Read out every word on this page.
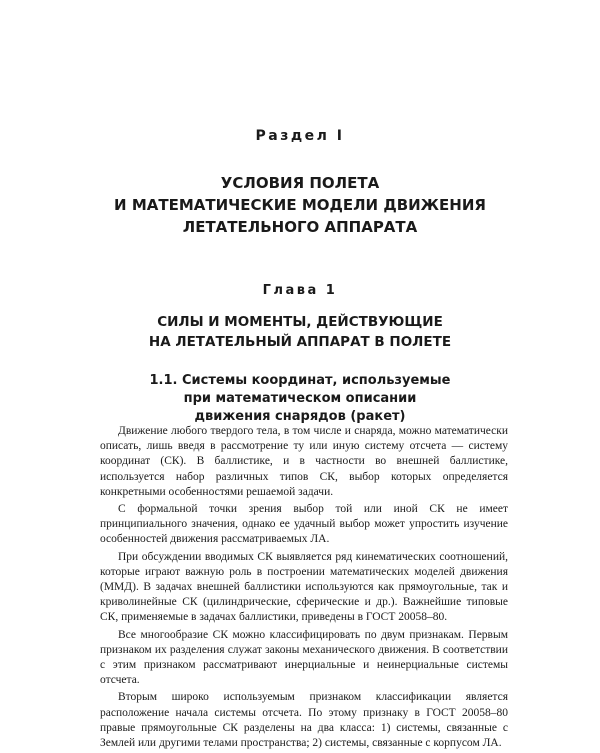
Раздел I
УСЛОВИЯ ПОЛЕТА
И МАТЕМАТИЧЕСКИЕ МОДЕЛИ ДВИЖЕНИЯ
ЛЕТАТЕЛЬНОГО АППАРАТА
Глава 1
СИЛЫ И МОМЕНТЫ, ДЕЙСТВУЮЩИЕ
НА ЛЕТАТЕЛЬНЫЙ АППАРАТ В ПОЛЕТЕ
1.1. Системы координат, используемые
при математическом описании
движения снарядов (ракет)

Движение любого твердого тела, в том числе и снаряда, можно математически описать, лишь введя в рассмотрение ту или иную систему отсчета — систему координат (СК). В баллистике, и в частности во внешней баллистике, используется набор различных типов СК, выбор которых определяется конкретными особенностями решаемой задачи.

С формальной точки зрения выбор той или иной СК не имеет принципиального значения, однако ее удачный выбор может упростить изучение особенностей движения рассматриваемых ЛА.

При обсуждении вводимых СК выявляется ряд кинематических соотношений, которые играют важную роль в построении математических моделей движения (ММД). В задачах внешней баллистики используются как прямоугольные, так и криволинейные СК (цилиндрические, сферические и др.). Важнейшие типовые СК, применяемые в задачах баллистики, приведены в ГОСТ 20058–80.

Все многообразие СК можно классифицировать по двум признакам. Первым признаком их разделения служат законы механического движения. В соответствии с этим признаком рассматривают инерциальные и неинерциальные системы отсчета.

Вторым широко используемым признаком классификации является расположение начала системы отсчета. По этому признаку в ГОСТ 20058–80 правые прямоугольные СК разделены на два класса: 1) системы, связанные с Землей или другими телами пространства; 2) системы, связанные с корпусом ЛА.
